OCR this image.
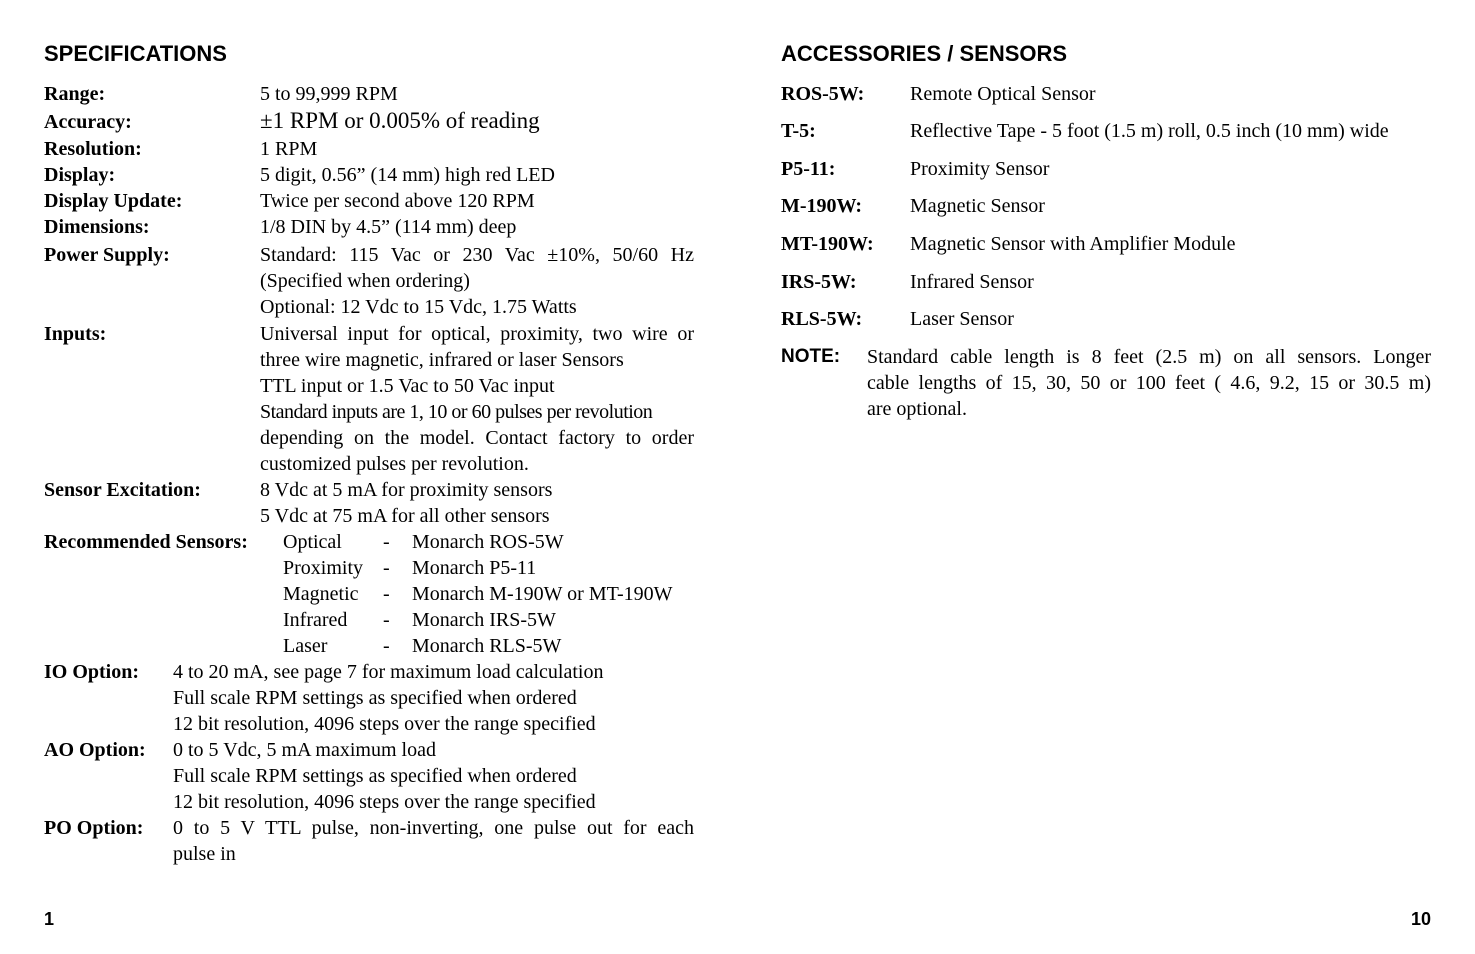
SPECIFICATIONS
Range:	5 to 99,999 RPM
Accuracy:	±1 RPM or 0.005% of reading
Resolution:	1 RPM
Display:	5 digit, 0.56” (14 mm) high red LED
Display Update:	Twice per second above 120 RPM
Dimensions:	1/8 DIN by 4.5” (114 mm) deep
Power Supply:	Standard: 115 Vac or 230 Vac ±10%, 50/60 Hz
(Specified when ordering)
Optional: 12 Vdc to 15 Vdc, 1.75 Watts
Inputs:	Universal input for optical, proximity, two wire or
three wire magnetic, infrared or laser Sensors
TTL input or 1.5 Vac to 50 Vac input
Standard inputs are 1, 10 or 60 pulses per revolution
depending on the model. Contact factory to order
customized pulses per revolution.
Sensor Excitation:	8 Vdc at 5 mA for proximity sensors
5 Vdc at 75 mA for all other sensors
Recommended Sensors: Optical - Monarch ROS-5W
Proximity - Monarch P5-11
Magnetic - Monarch M-190W or MT-190W
Infrared - Monarch IRS-5W
Laser	- Monarch RLS-5W
IO Option: 4 to 20 mA, see page 7 for maximum load calculation
Full scale RPM settings as specified when ordered
12 bit resolution, 4096 steps over the range specified
AO Option: 0 to 5 Vdc, 5 mA maximum load
Full scale RPM settings as specified when ordered
12 bit resolution, 4096 steps over the range specified
PO Option: 0 to 5 V TTL pulse, non-inverting, one pulse out for each
pulse in
1
ACCESSORIES / SENSORS
ROS-5W: Remote Optical Sensor
T-5:	Reflective Tape - 5 foot (1.5 m) roll, 0.5 inch (10 mm) wide
P5-11:	Proximity Sensor
M-190W: Magnetic Sensor
MT-190W: Magnetic Sensor with Amplifier Module
IRS-5W:	Infrared Sensor
RLS-5W: Laser Sensor
NOTE: Standard cable length is 8 feet (2.5 m) on all sensors. Longer
cable lengths of 15, 30, 50 or 100 feet ( 4.6, 9.2, 15 or 30.5 m)
are optional.
10
